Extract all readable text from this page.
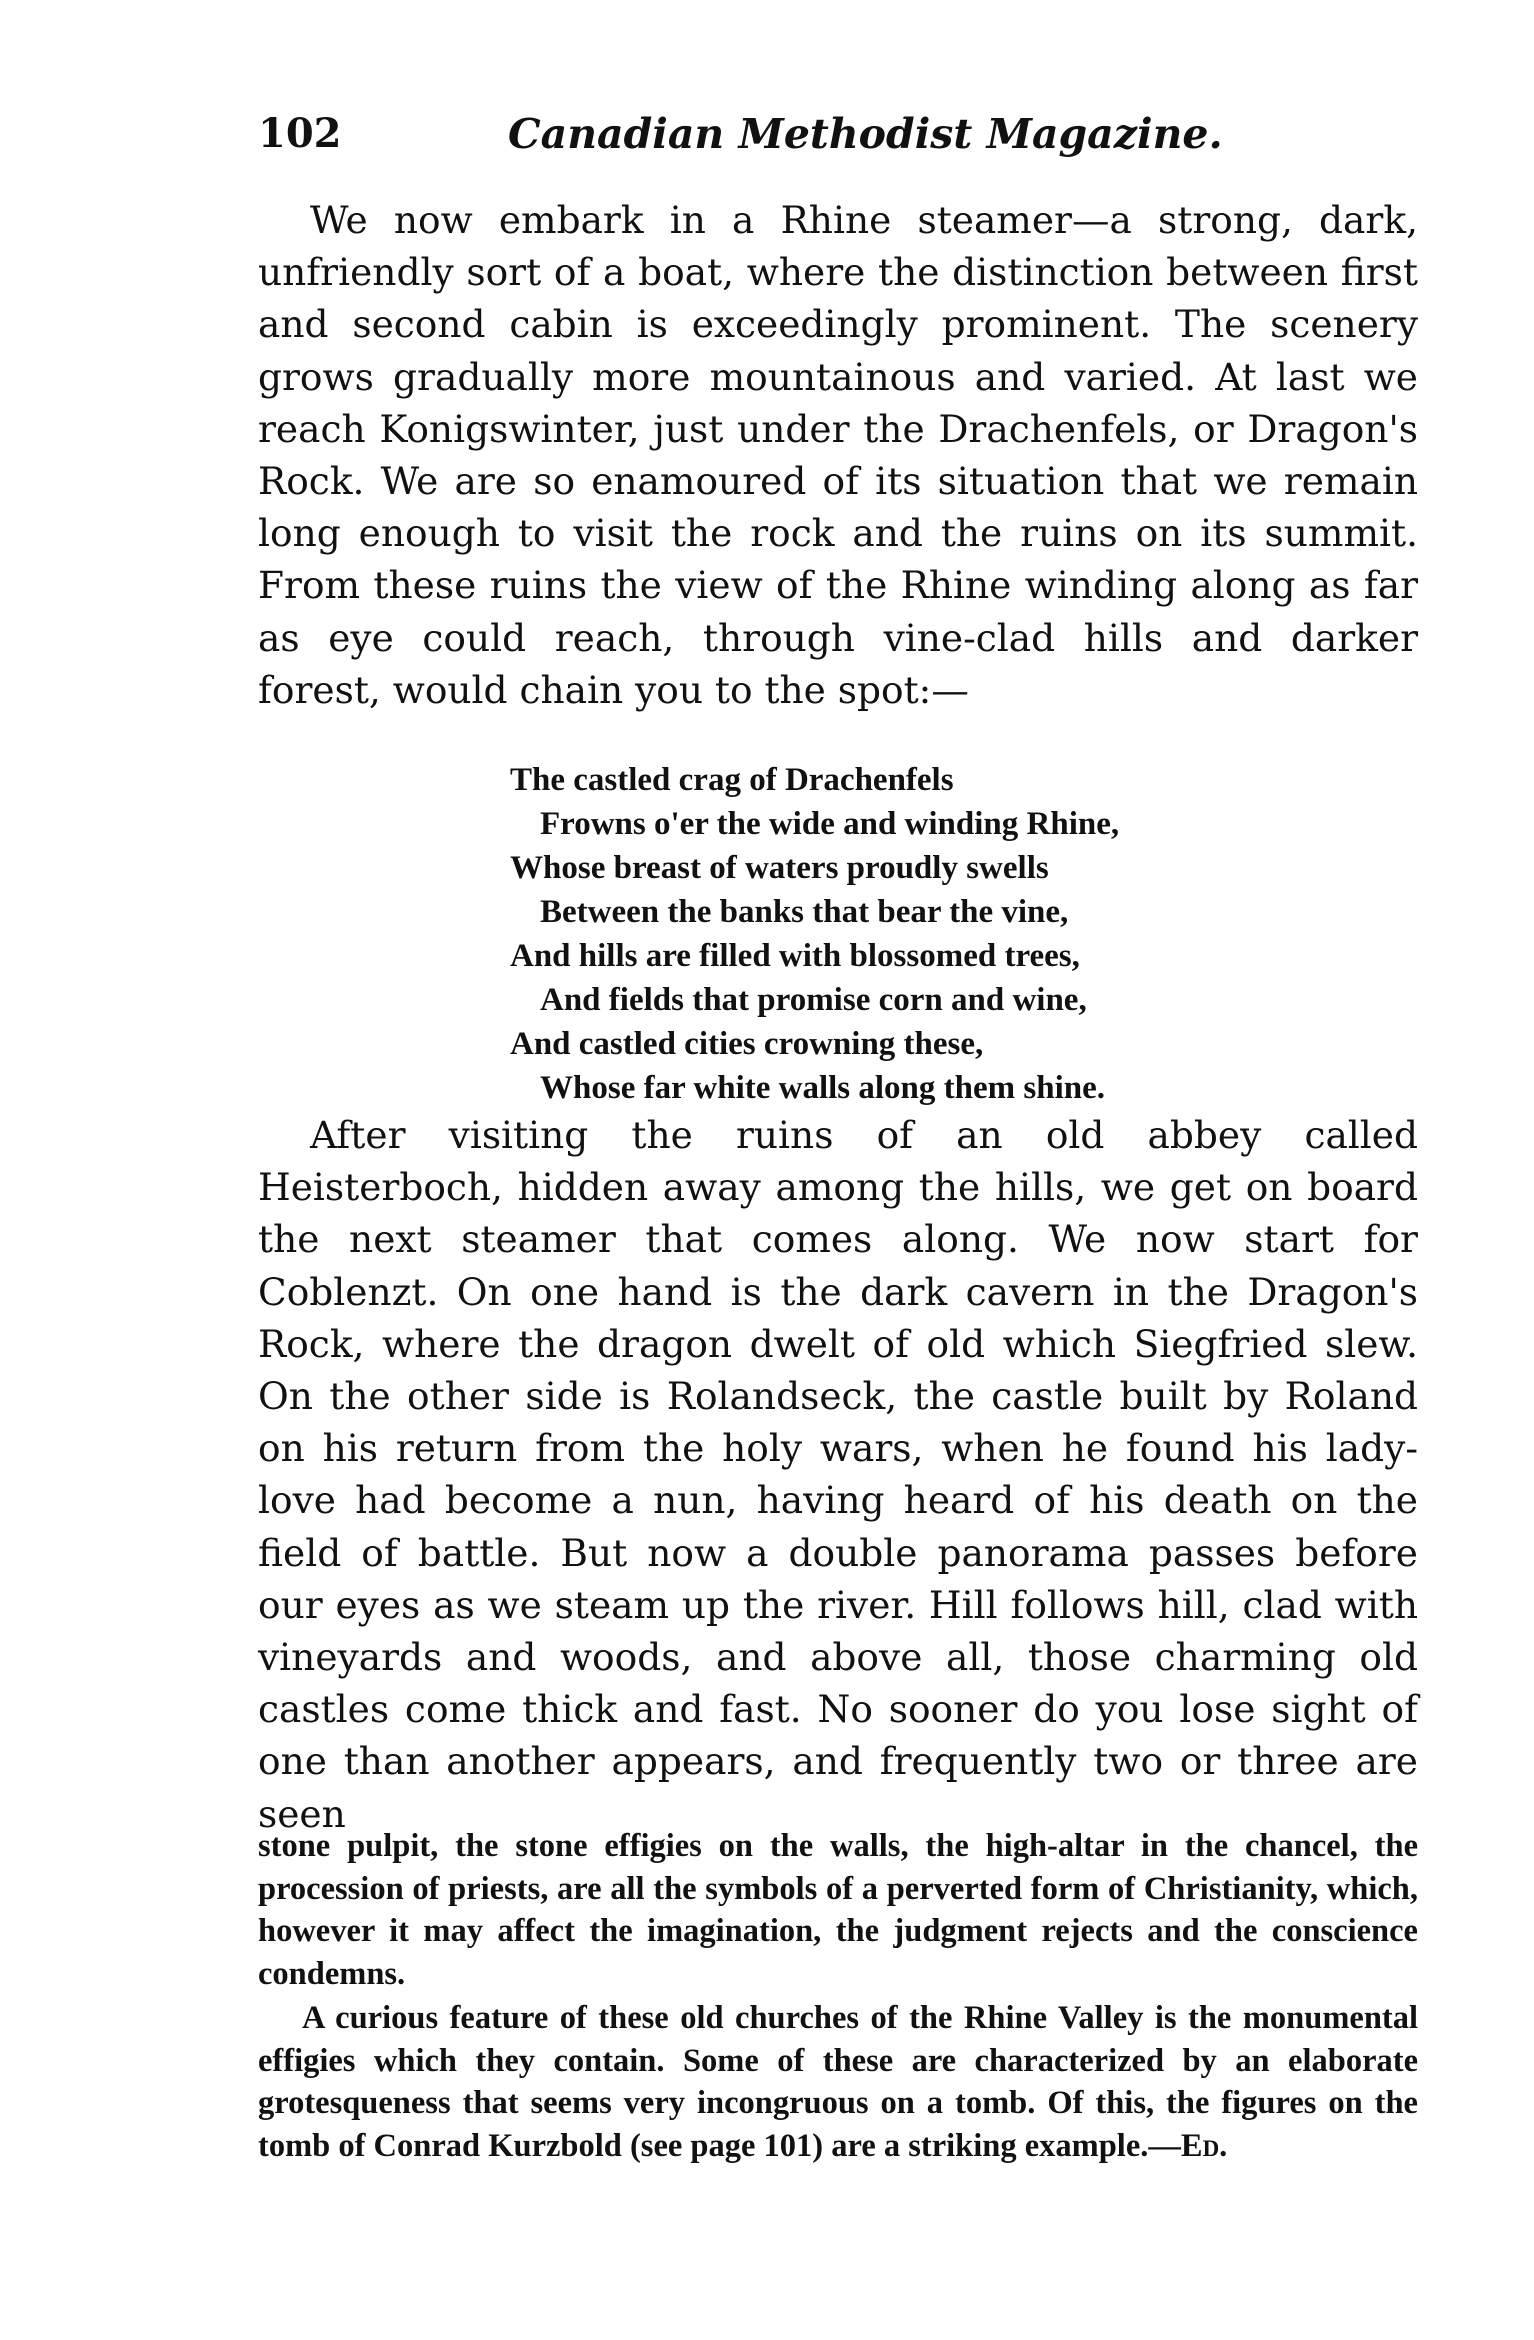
102	Canadian Methodist Magazine.

We now embark in a Rhine steamer—a strong, dark, unfriendly sort of a boat, where the distinction between first and second cabin is exceedingly prominent. The scenery grows gradually more mountainous and varied. At last we reach Konigswinter, just under the Drachenfels, or Dragon's Rock. We are so enamoured of its situation that we remain long enough to visit the rock and the ruins on its summit. From these ruins the view of the Rhine winding along as far as eye could reach, through vine-clad hills and darker forest, would chain you to the spot:—

The castled crag of Drachenfels
Frowns o'er the wide and winding Rhine,
Whose breast of waters proudly swells
Between the banks that bear the vine,
And hills are filled with blossomed trees,
And fields that promise corn and wine,
And castled cities crowning these,
Whose far white walls along them shine.

After visiting the ruins of an old abbey called Heisterboch, hidden away among the hills, we get on board the next steamer that comes along. We now start for Coblenzt. On one hand is the dark cavern in the Dragon's Rock, where the dragon dwelt of old which Siegfried slew. On the other side is Rolandseck, the castle built by Roland on his return from the holy wars, when he found his lady-love had become a nun, having heard of his death on the field of battle. But now a double panorama passes before our eyes as we steam up the river. Hill follows hill, clad with vineyards and woods, and above all, those charming old castles come thick and fast. No sooner do you lose sight of one than another appears, and frequently two or three are seen

stone pulpit, the stone effigies on the walls, the high-altar in the chancel, the procession of priests, are all the symbols of a perverted form of Christianity, which, however it may affect the imagination, the judgment rejects and the conscience condemns.

A curious feature of these old churches of the Rhine Valley is the monumental effigies which they contain. Some of these are characterized by an elaborate grotesqueness that seems very incongruous on a tomb. Of this, the figures on the tomb of Conrad Kurzbold (see page 101) are a striking example.—Ed.
